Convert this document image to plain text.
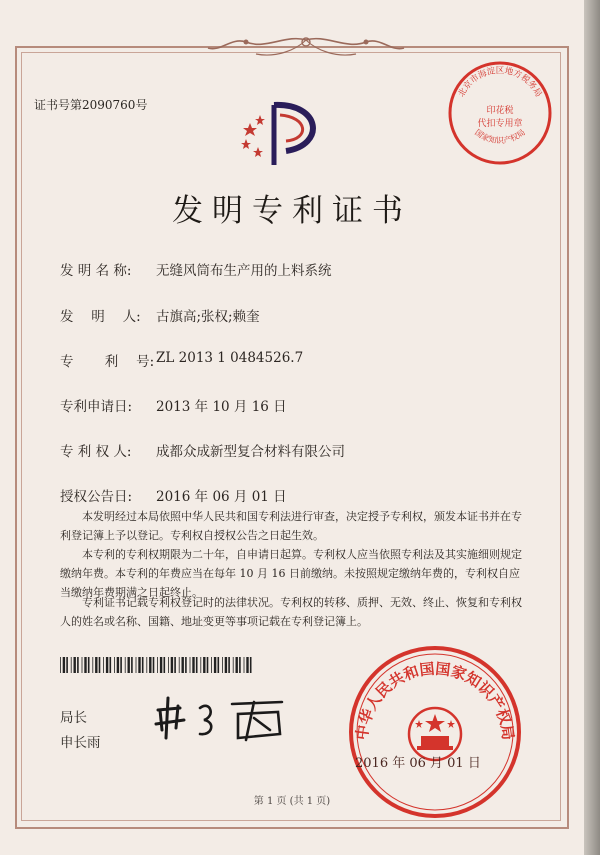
证书号第2090760号
发明专利证书
发 明 名 称: 无缝风筒布生产用的上料系统
发 　明 　人: 古旗高;张权;赖奎
专 　　利 　号: ZL 2013 1 0484526.7
专利申请日: 2013 年 10 月 16 日
专 利 权 人: 成都众成新型复合材料有限公司
授权公告日: 2016 年 06 月 01 日
本发明经过本局依照中华人民共和国专利法进行审查，决定授予专利权，颁发本证书并在专利登记簿上予以登记。专利权自授权公告之日起生效。
本专利的专利权期限为二十年，自申请日起算。专利权人应当依照专利法及其实施细则规定缴纳年费。本专利的年费应当在每年 10 月 16 日前缴纳。未按照规定缴纳年费的，专利权自应当缴纳年费期满之日起终止。
专利证书记载专利权登记时的法律状况。专利权的转移、质押、无效、终止、恢复和专利权人的姓名或名称、国籍、地址变更等事项记载在专利登记簿上。
局长
申长雨
北京市海淀区地方税务局
印花税
代扣专用章
国家知识产权局
中华人民共和国国家知识产权局
2016 年 06 月 01 日
第 1 页 (共 1 页)
